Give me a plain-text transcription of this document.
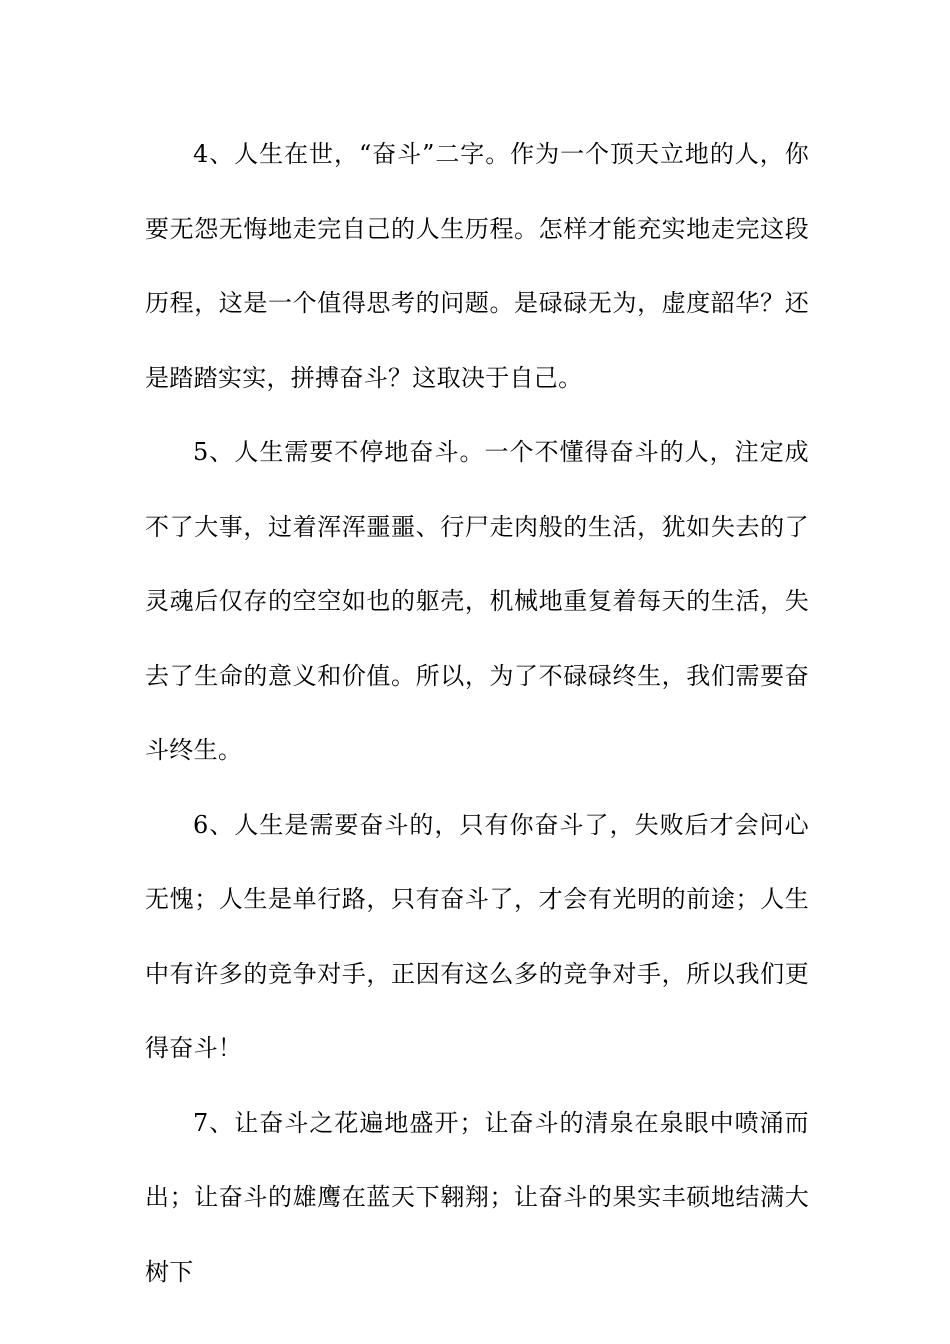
4、人生在世，“奋斗”二字。作为一个顶天立地的人，你要无怨无悔地走完自己的人生历程。怎样才能充实地走完这段历程，这是一个值得思考的问题。是碌碌无为，虚度韶华？还是踏踏实实，拼搏奋斗？这取决于自己。

5、人生需要不停地奋斗。一个不懂得奋斗的人，注定成不了大事，过着浑浑噩噩、行尸走肉般的生活，犹如失去的了灵魂后仅存的空空如也的躯壳，机械地重复着每天的生活，失去了生命的意义和价值。所以，为了不碌碌终生，我们需要奋斗终生。

6、人生是需要奋斗的，只有你奋斗了，失败后才会问心无愧；人生是单行路，只有奋斗了，才会有光明的前途；人生中有许多的竞争对手，正因有这么多的竞争对手，所以我们更得奋斗！

7、让奋斗之花遍地盛开；让奋斗的清泉在泉眼中喷涌而出；让奋斗的雄鹰在蓝天下翱翔；让奋斗的果实丰硕地结满大树下
